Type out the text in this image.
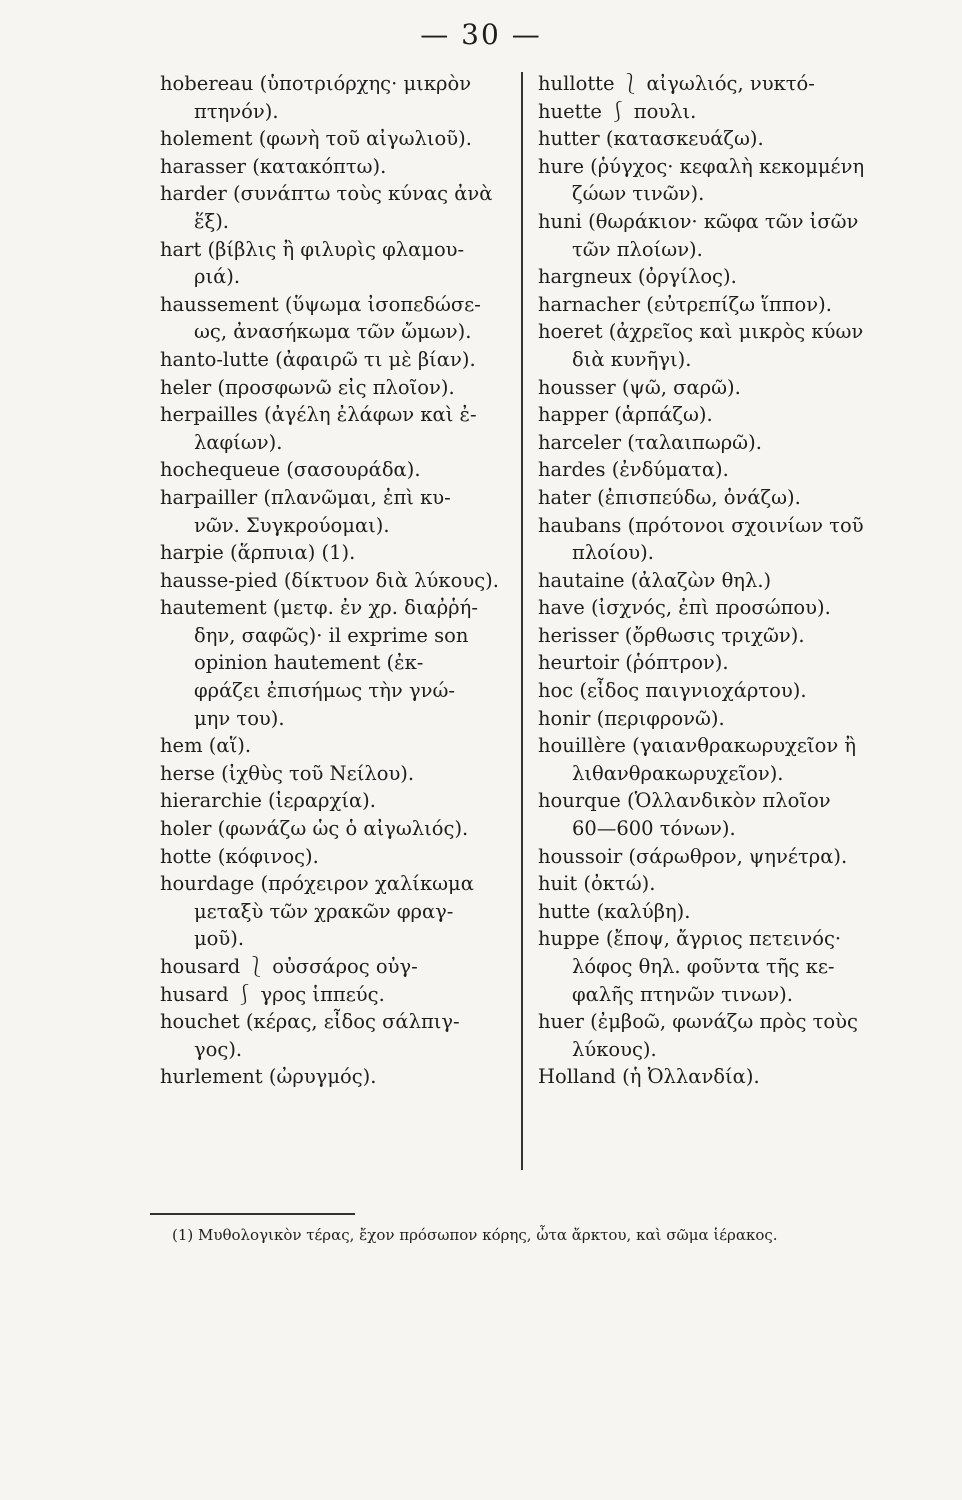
— 30 —
hobereau (ὑποτριόρχης· μικρὸν
πτηνόν).
holement (φωνὴ τοῦ αἰγωλιοῦ).
harasser (κατακόπτω).
harder (συνάπτω τοὺς κύνας ἀνὰ
ἕξ).
hart (βίβλις ἢ φιλυρὶς φλαμου-
ριά).
haussement (ὕψωμα ἰσοπεδώσε-
ως, ἀνασήκωμα τῶν ὤμων).
hanto-lutte (ἀφαιρῶ τι μὲ βίαν).
heler (προσφωνῶ εἰς πλοῖον).
herpailles (ἀγέλη ἐλάφων καὶ ἐ-
λαφίων).
hochequeue (σασουράδα).
harpailler (πλανῶμαι, ἐπὶ κυ-
νῶν. Συγκρούομαι).
harpie (ἅρπυια) (1).
hausse-pied (δίκτυον διὰ λύκους).
hautement (μετφ. ἐν χρ. διαῤῥή-
δην, σαφῶς)· il exprime son
opinion hautement (ἐκ-
φράζει ἐπισήμως τὴν γνώ-
μην του).
hem (αἵ).
herse (ἰχθὺς τοῦ Νείλου).
hierarchie (ἱεραρχία).
holer (φωνάζω ὡς ὁ αἰγωλιός).
hotte (κόφινος).
hourdage (πρόχειρον χαλίκωμα
μεταξὺ τῶν χρακῶν φραγ-
μοῦ).
housard ⎱ οὐσσάρος οὐγ-
husard ⎰ γρος ἱππεύς.
houchet (κέρας, εἶδος σάλπιγ-
γος).
hurlement (ὠρυγμός).
hullotte ⎱ αἰγωλιός, νυκτό-
huette ⎰ πουλι.
hutter (κατασκευάζω).
hure (ῥύγχος· κεφαλὴ κεκομμένη
ζώων τινῶν).
huni (θωράκιον· κῶφα τῶν ἰσῶν
τῶν πλοίων).
hargneux (ὀργίλος).
harnacher (εὐτρεπίζω ἵππον).
hoeret (ἀχρεῖος καὶ μικρὸς κύων
διὰ κυνῆγι).
housser (ψῶ, σαρῶ).
happer (ἁρπάζω).
harceler (ταλαιπωρῶ).
hardes (ἐνδύματα).
hater (ἐπισπεύδω, ὀνάζω).
haubans (πρότονοι σχοινίων τοῦ
πλοίου).
hautaine (ἀλαζὼν θηλ.)
have (ἰσχνός, ἐπὶ προσώπου).
herisser (ὄρθωσις τριχῶν).
heurtoir (ῥόπτρον).
hoc (εἶδος παιγνιοχάρτου).
honir (περιφρονῶ).
houillère (γαιανθρακωρυχεῖον ἢ
λιθανθρακωρυχεῖον).
hourque (Ὁλλανδικὸν πλοῖον
60—600 τόνων).
houssoir (σάρωθρον, ψηνέτρα).
huit (ὀκτώ).
hutte (καλύβη).
huppe (ἔποψ, ἄγριος πετεινός·
λόφος θηλ. φοῦντα τῆς κε-
φαλῆς πτηνῶν τινων).
huer (ἐμβοῶ, φωνάζω πρὸς τοὺς
λύκους).
Holland (ἡ Ὀλλανδία).
(1) Μυθολογικὸν τέρας, ἔχον πρόσωπον κόρης, ὦτα ἄρκτου, καὶ σῶμα ἱέρακος.
